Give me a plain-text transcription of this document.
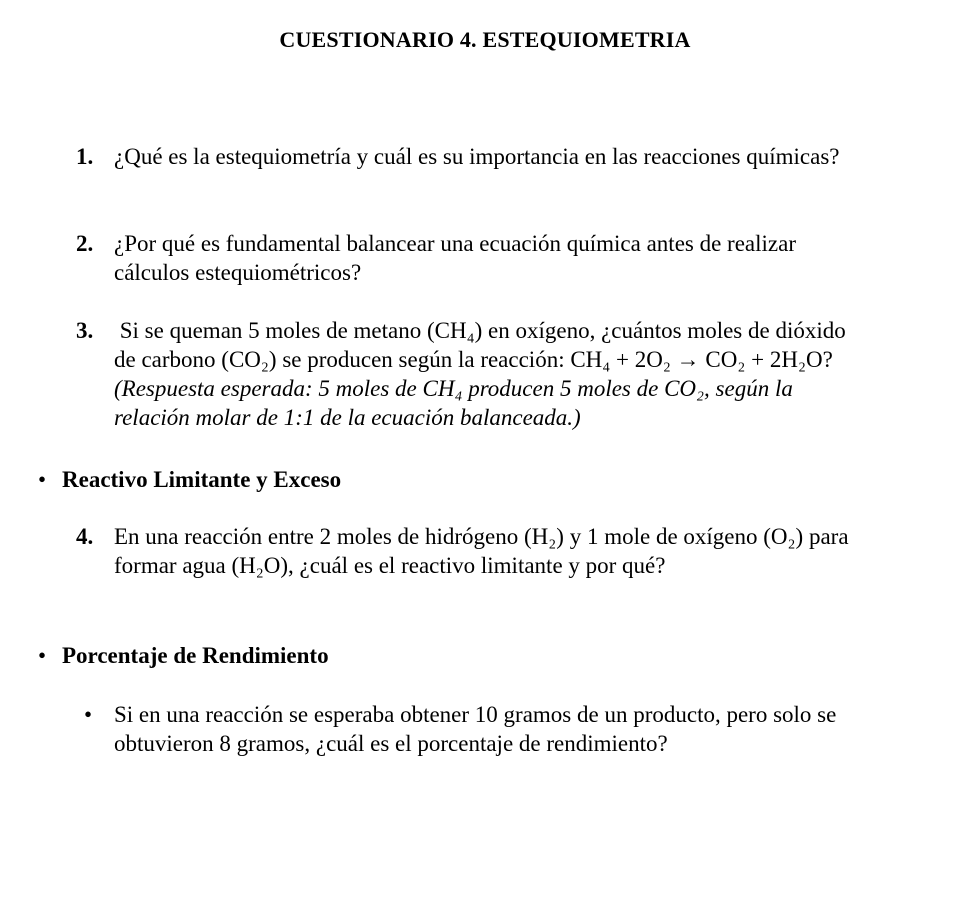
CUESTIONARIO 4. ESTEQUIOMETRIA
1. ¿Qué es la estequiometría y cuál es su importancia en las reacciones químicas?
2. ¿Por qué es fundamental balancear una ecuación química antes de realizar
cálculos estequiométricos?
3. Si se queman 5 moles de metano (CH₄) en oxígeno, ¿cuántos moles de dióxido
de carbono (CO₂) se producen según la reacción: CH₄ + 2O₂ → CO₂ + 2H₂O?
(Respuesta esperada: 5 moles de CH₄ producen 5 moles de CO₂, según la
relación molar de 1:1 de la ecuación balanceada.)
• Reactivo Limitante y Exceso
4. En una reacción entre 2 moles de hidrógeno (H₂) y 1 mole de oxígeno (O₂) para
formar agua (H₂O), ¿cuál es el reactivo limitante y por qué?
• Porcentaje de Rendimiento
• Si en una reacción se esperaba obtener 10 gramos de un producto, pero solo se
obtuvieron 8 gramos, ¿cuál es el porcentaje de rendimiento?
